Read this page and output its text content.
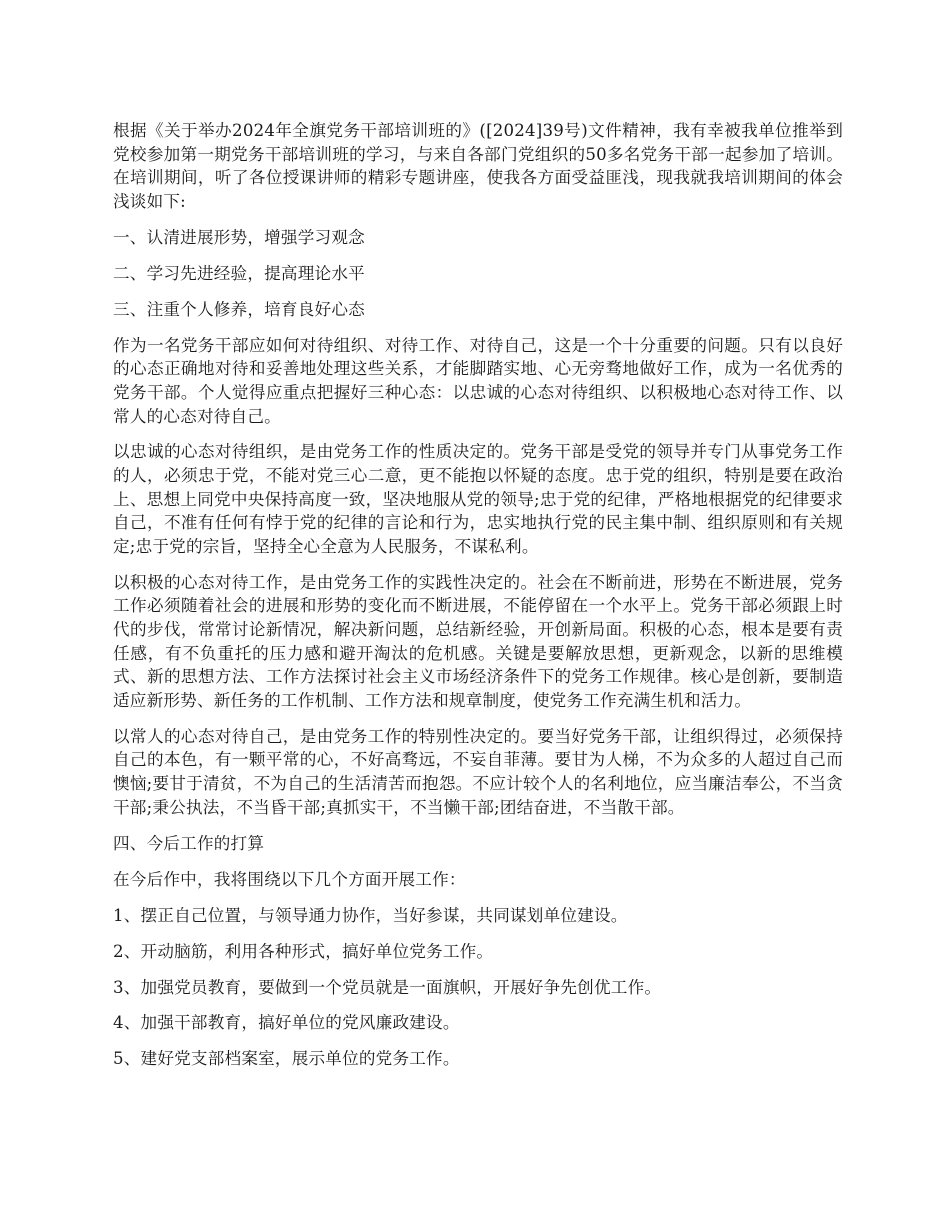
根据《关于举办2024年全旗党务干部培训班的》([2024]39号)文件精神，我有幸被我单位推举到党校参加第一期党务干部培训班的学习，与来自各部门党组织的50多名党务干部一起参加了培训。在培训期间，听了各位授课讲师的精彩专题讲座，使我各方面受益匪浅，现我就我培训期间的体会浅谈如下:

一、认清进展形势，增强学习观念

二、学习先进经验，提高理论水平

三、注重个人修养，培育良好心态

作为一名党务干部应如何对待组织、对待工作、对待自己，这是一个十分重要的问题。只有以良好的心态正确地对待和妥善地处理这些关系，才能脚踏实地、心无旁骛地做好工作，成为一名优秀的党务干部。个人觉得应重点把握好三种心态：以忠诚的心态对待组织、以积极地心态对待工作、以常人的心态对待自己。

以忠诚的心态对待组织，是由党务工作的性质决定的。党务干部是受党的领导并专门从事党务工作的人，必须忠于党，不能对党三心二意，更不能抱以怀疑的态度。忠于党的组织，特别是要在政治上、思想上同党中央保持高度一致，坚决地服从党的领导;忠于党的纪律，严格地根据党的纪律要求自己，不准有任何有悖于党的纪律的言论和行为，忠实地执行党的民主集中制、组织原则和有关规定;忠于党的宗旨，坚持全心全意为人民服务，不谋私利。

以积极的心态对待工作，是由党务工作的实践性决定的。社会在不断前进，形势在不断进展，党务工作必须随着社会的进展和形势的变化而不断进展，不能停留在一个水平上。党务干部必须跟上时代的步伐，常常讨论新情况，解决新问题，总结新经验，开创新局面。积极的心态，根本是要有责任感，有不负重托的压力感和避开淘汰的危机感。关键是要解放思想，更新观念，以新的思维模式、新的思想方法、工作方法探讨社会主义市场经济条件下的党务工作规律。核心是创新，要制造适应新形势、新任务的工作机制、工作方法和规章制度，使党务工作充满生机和活力。

以常人的心态对待自己，是由党务工作的特别性决定的。要当好党务干部，让组织得过，必须保持自己的本色，有一颗平常的心，不好高骛远，不妄自菲薄。要甘为人梯，不为众多的人超过自己而懊恼;要甘于清贫，不为自己的生活清苦而抱怨。不应计较个人的名利地位，应当廉洁奉公，不当贪干部;秉公执法，不当昏干部;真抓实干，不当懒干部;团结奋进，不当散干部。

四、今后工作的打算

在今后作中，我将围绕以下几个方面开展工作：

1、摆正自己位置，与领导通力协作，当好参谋，共同谋划单位建设。

2、开动脑筋，利用各种形式，搞好单位党务工作。

3、加强党员教育，要做到一个党员就是一面旗帜，开展好争先创优工作。

4、加强干部教育，搞好单位的党风廉政建设。

5、建好党支部档案室，展示单位的党务工作。
